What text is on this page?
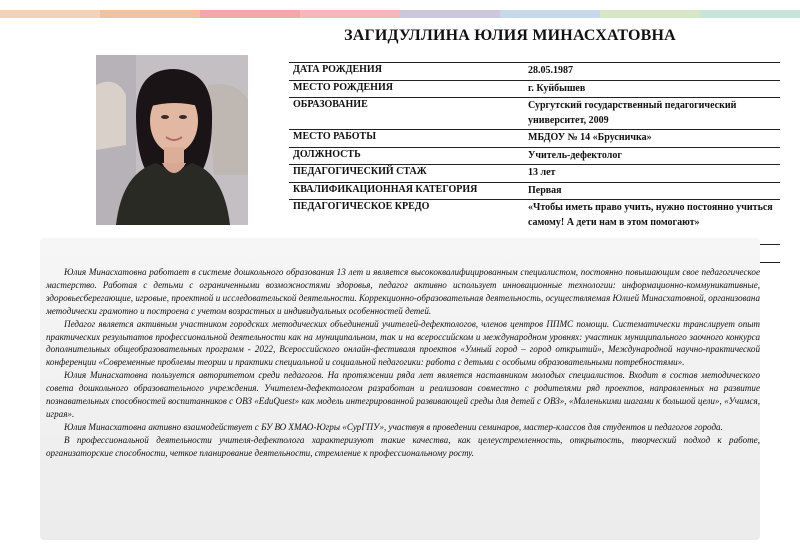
ЗАГИДУЛЛИНА ЮЛИЯ МИНАСХАТОВНА
ДАТА РОЖДЕНИЯ	28.05.1987
МЕСТО РОЖДЕНИЯ	г. Куйбышев
ОБРАЗОВАНИЕ	Сургутский государственный педагогический университет, 2009
МЕСТО РАБОТЫ	МБДОУ № 14 «Брусничка»
ДОЛЖНОСТЬ	Учитель-дефектолог
ПЕДАГОГИЧЕСКИЙ СТАЖ	13 лет
КВАЛИФИКАЦИОННАЯ КАТЕГОРИЯ	Первая
ПЕДАГОГИЧЕСКОЕ КРЕДО	«Чтобы иметь право учить, нужно постоянно учиться самому! А дети нам в этом помогают»

Юлия Минасхатовна работает в системе дошкольного образования 13 лет и является высококвалифицированным специалистом, постоянно повышающим свое педагогическое мастерство. Работая с детьми с ограниченными возможностями здоровья, педагог активно использует инновационные технологии: информационно-коммуникативные, здоровьесберегающие, игровые, проектной и исследовательской деятельности. Коррекционно-образовательная деятельность, осуществляемая Юлией Минасхатовной, организована методически грамотно и построена с учетом возрастных и индивидуальных особенностей детей.

Педагог является активным участником городских методических объединений учителей-дефектологов, членов центров ППМС помощи. Систематически транслирует опыт практических результатов профессиональной деятельности как на муниципальном, так и на всероссийском и международном уровнях: участник муниципального заочного конкурса дополнительных общеобразовательных программ - 2022, Всероссийского онлайн-фестиваля проектов «Умный город – город открытий», Международной научно-практической конференции «Современные проблемы теории и практики специальной и социальной педагогики: работа с детьми с особыми образовательными потребностями».

Юлия Минасхатовна пользуется авторитетом среди педагогов. На протяжении ряда лет является наставником молодых специалистов. Входит в состав методического совета дошкольного образовательного учреждения. Учителем-дефектологом разработан и реализован совместно с родителями ряд проектов, направленных на развитие познавательных способностей воспитанников с ОВЗ «EduQuest» как модель интегрированной развивающей среды для детей с ОВЗ», «Маленькими шагами к большой цели», «Учимся, играя».

Юлия Минасхатовна активно взаимодействует с БУ ВО ХМАО-Югры «СурГПУ», участвуя в проведении семинаров, мастер-классов для студентов и педагогов города.

В профессиональной деятельности учителя-дефектолога характеризуют такие качества, как целеустремленность, открытость, творческий подход к работе, организаторские способности, четкое планирование деятельности, стремление к профессиональному росту.
